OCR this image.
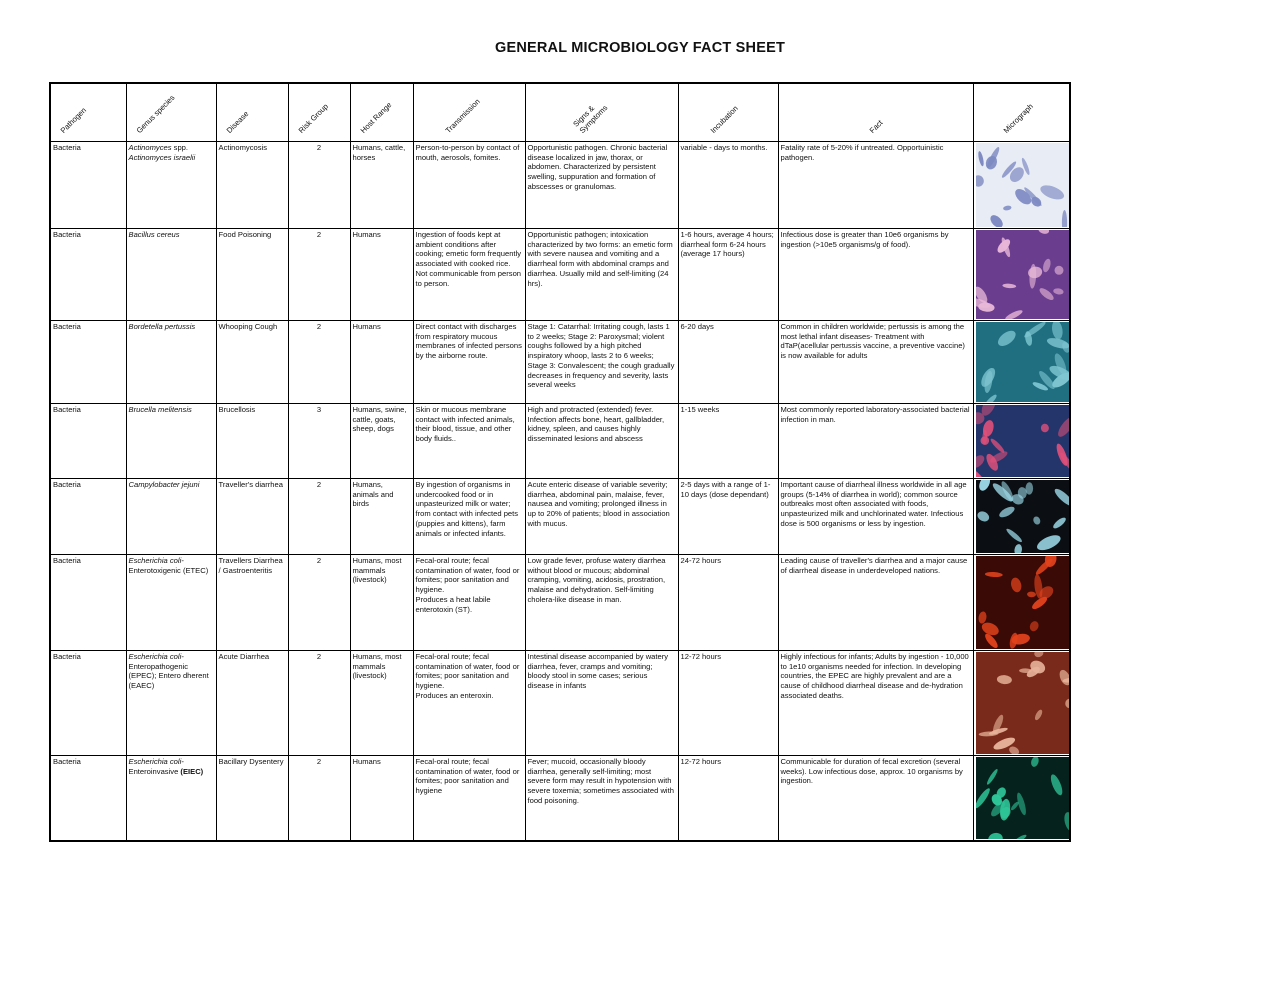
GENERAL MICROBIOLOGY FACT SHEET
Pathogen	Genus species	Disease	Risk Group	Host Range	Transmission	Signs &
Symptoms	Incubation	Fact	Micrograph

Bacteria	Actinomyces spp.
Actinomyces israelii	Actinomycosis	2	Humans, cattle, horses	Person-to-person by contact of mouth, aerosols, fomites.	Opportunistic pathogen. Chronic bacterial disease localized in jaw, thorax, or abdomen. Characterized by persistent swelling, suppuration and formation of abscesses or granulomas.	variable - days to months.	Fatality rate of 5-20% if untreated. Opportuinistic pathogen.	

Bacteria	Bacillus cereus	Food Poisoning	2	Humans	Ingestion of foods kept at ambient conditions after cooking; emetic form frequently associated with cooked rice. Not communicable from person to person.	Opportunistic pathogen; intoxication characterized by two forms: an emetic form with severe nausea and vomiting and a diarrheal form with abdominal cramps and diarrhea. Usually mild and self-limiting (24 hrs).	1-6 hours, average 4 hours; diarrheal form 6-24 hours (average 17 hours)	Infectious dose is greater than 10e6 organisms by ingestion (>10e5 organisms/g of food).	

Bacteria	Bordetella pertussis	Whooping Cough	2	Humans	Direct contact with discharges from respiratory mucous membranes of infected persons by the airborne route.	Stage 1: Catarrhal: Irritating cough, lasts 1 to 2 weeks; Stage 2: Paroxysmal; violent coughs followed by a high pitched inspiratory whoop, lasts 2 to 6 weeks; Stage 3: Convalescent; the cough gradually decreases in frequency and severity, lasts several weeks	6-20 days	Common in children worldwide; pertussis is among the most lethal infant diseases- Treatment with dTaP(acellular pertussis vaccine, a preventive vaccine) is now available for adults	

Bacteria	Brucella melitensis	Brucellosis	3	Humans, swine, cattle, goats, sheep, dogs	Skin or mucous membrane contact with infected animals, their blood, tissue, and other body fluids..	High and protracted (extended) fever. Infection affects bone, heart, gallbladder, kidney, spleen, and causes highly disseminated lesions and abscess	1-15 weeks	Most commonly reported laboratory-associated bacterial infection in man.	

Bacteria	Campylobacter jejuni	Traveller's diarrhea	2	Humans, animals and birds	By ingestion of organisms in undercooked food or in unpasteurized milk or water; from contact with infected pets (puppies and kittens), farm animals or infected infants.	Acute enteric disease of variable severity; diarrhea, abdominal pain, malaise, fever, nausea and vomiting; prolonged illness in up to 20% of patients; blood in association with mucus.	2-5 days with a range of 1-10 days (dose dependant)	Important cause of diarrheal illness worldwide in all age groups (5-14% of diarrhea in world); common source outbreaks most often associated with foods, unpasteurized milk and unchlorinated water. Infectious dose is 500 organisms or less by ingestion.	

Bacteria	Escherichia coli-
Enterotoxigenic (ETEC)	Travellers Diarrhea / Gastroenteritis	2	Humans, most mammals (livestock)	Fecal-oral route; fecal contamination of water, food or fomites; poor sanitation and hygiene.
Produces a heat labile enterotoxin (ST).	Low grade fever, profuse watery diarrhea without blood or mucous; abdominal cramping, vomiting, acidosis, prostration, malaise and dehydration. Self-limiting cholera-like disease in man.	24-72 hours	Leading cause of traveller's diarrhea and a major cause of diarrheal disease in underdeveloped nations.	

Bacteria	Escherichia coli-
Enteropathogenic (EPEC); Entero dherent (EAEC)	Acute Diarrhea	2	Humans, most mammals (livestock)	Fecal-oral route; fecal contamination of water, food or fomites; poor sanitation and hygiene.
Produces an enteroxin.	Intestinal disease accompanied by watery diarrhea, fever, cramps and vomiting; bloody stool in some cases; serious disease in infants	12-72 hours	Highly infectious for infants; Adults by ingestion - 10,000 to 1e10 organisms needed for infection. In developing countries, the EPEC are highly prevalent and are a cause of childhood diarrheal disease and de-hydration associated deaths.	

Bacteria	Escherichia coli-
Enteroinvasive (EIEC)	Bacillary Dysentery	2	Humans	Fecal-oral route; fecal contamination of water, food or fomites; poor sanitation and hygiene	Fever; mucoid, occasionally bloody diarrhea, generally self-limiting; most severe form may result in hypotension with severe toxemia; sometimes associated with food poisoning.	12-72 hours	Communicable for duration of fecal excretion (several weeks). Low infectious dose, approx. 10 organisms by ingestion.	
